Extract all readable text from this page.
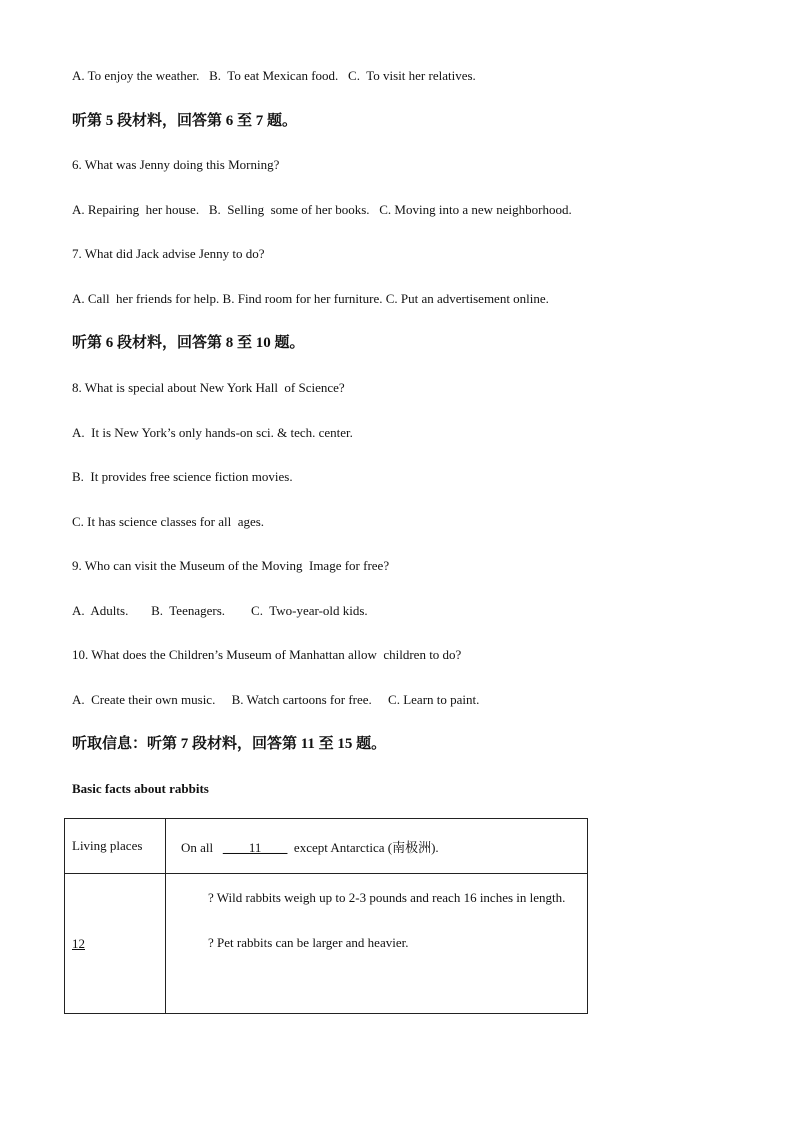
A. To enjoy the weather.   B.  To eat Mexican food.   C.  To visit her relatives.
听第 5 段材料，回答第 6 至 7 题。
6. What was Jenny doing this Morning?
A. Repairing  her house.   B.  Selling  some of her books.   C. Moving into a new neighborhood.
7. What did Jack advise Jenny to do?
A. Call  her friends for help. B. Find room for her furniture. C. Put an advertisement online.
听第 6 段材料，回答第 8 至 10 题。
8. What is special about New York Hall  of Science?
A.  It is New York’s only hands-on sci. & tech. center.
B.  It provides free science fiction movies.
C. It has science classes for all  ages.
9. Who can visit the Museum of the Moving  Image for free?
A.  Adults.       B.  Teenagers.        C.  Two-year-old kids.
10. What does the Children’s Museum of Manhattan allow  children to do?
A.  Create their own music.     B. Watch cartoons for free.     C. Learn to paint.
听取信息：听第 7 段材料，回答第 11 至 15 题。
Basic facts about rabbits
Living places	On all   ____11____  except Antarctica (南极洲).
12	? Wild rabbits weigh up to 2-3 pounds and reach 16 inches in length.
? Pet rabbits can be larger and heavier.
